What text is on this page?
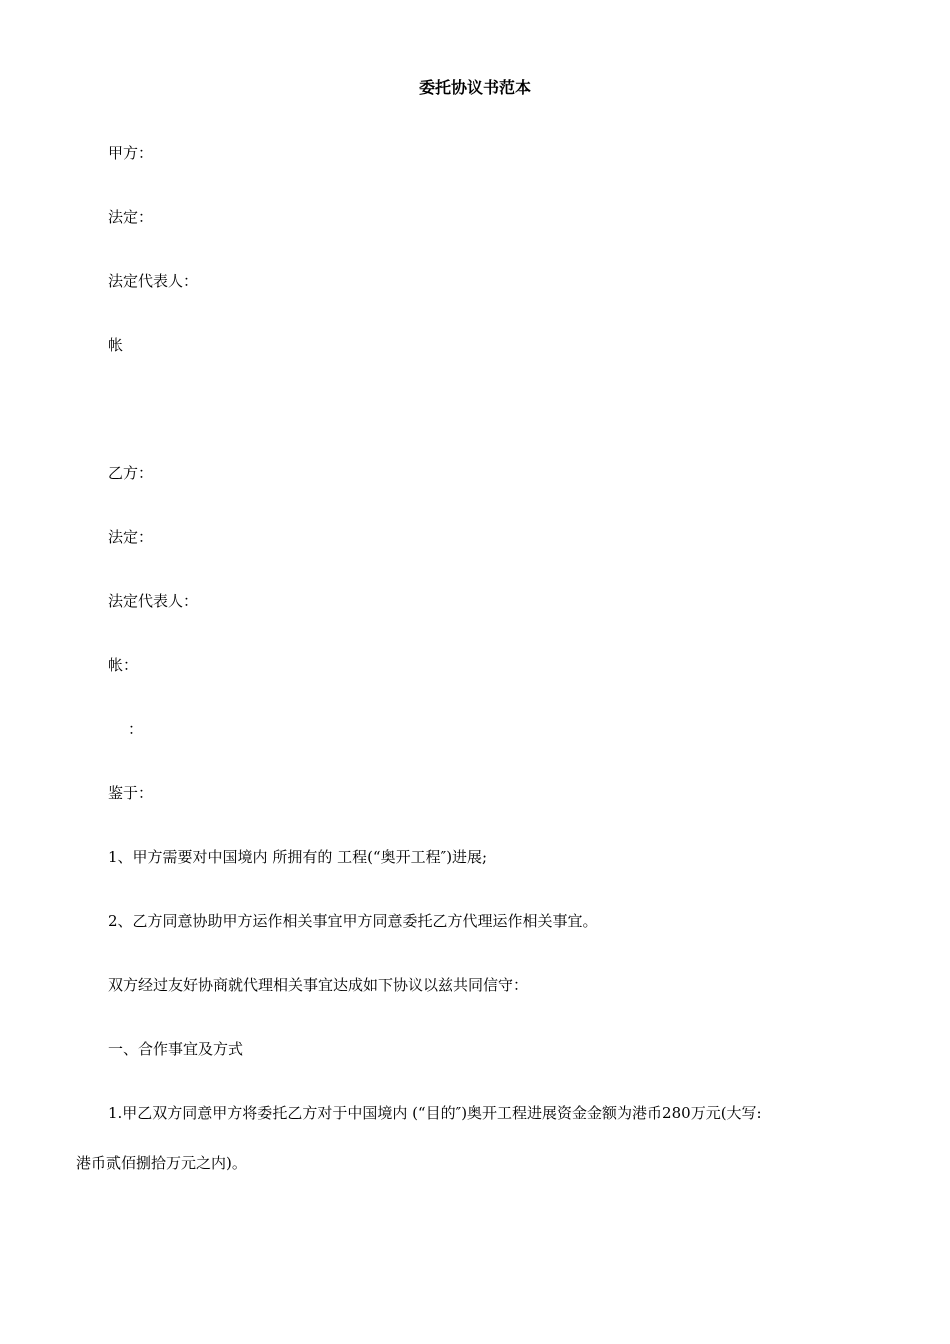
委托协议书范本
甲方：
法定：
法定代表人：
帐
乙方：
法定：
法定代表人：
帐：
：
鉴于：
1、甲方需要对中国境内 所拥有的 工程(“奥开工程″)进展;
2、乙方同意协助甲方运作相关事宜甲方同意委托乙方代理运作相关事宜。
双方经过友好协商就代理相关事宜达成如下协议以兹共同信守：
一、合作事宜及方式
1.甲乙双方同意甲方将委托乙方对于中国境内 (“目的″)奥开工程进展资金金额为港币280万元(大写:
港币贰佰捌拾万元之内)。
